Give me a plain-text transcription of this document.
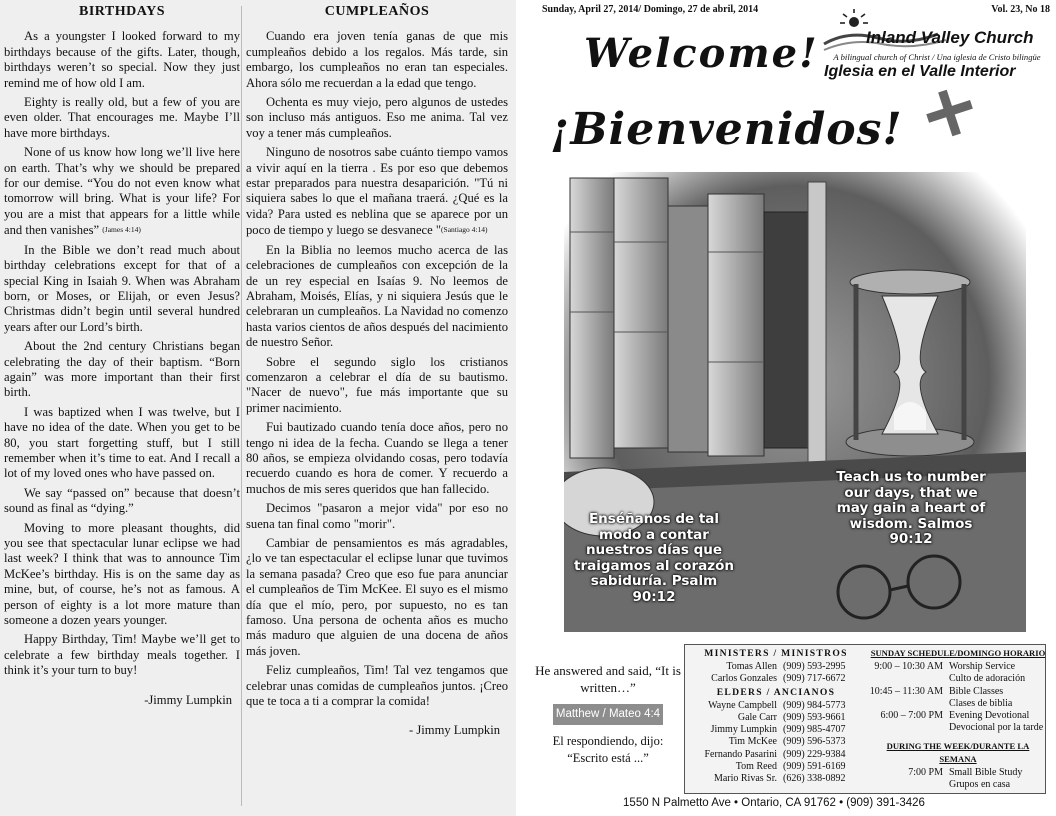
BIRTHDAYS

As a youngster I looked forward to my birthdays because of the gifts. Later, though, birthdays weren’t so special. Now they just remind me of how old I am.

Eighty is really old, but a few of you are even older. That encourages me. Maybe I’ll have more birthdays.

None of us know how long we’ll live here on earth. That’s why we should be prepared for our demise. “You do not even know what tomorrow will bring. What is your life? For you are a mist that appears for a little while and then vanishes” (James 4:14)

In the Bible we don’t read much about birthday celebrations except for that of a special King in Isaiah 9. When was Abraham born, or Moses, or Elijah, or even Jesus? Christmas didn’t begin until several hundred years after our Lord’s birth.

About the 2nd century Christians began celebrating the day of their baptism. “Born again” was more important than their first birth.

I was baptized when I was twelve, but I have no idea of the date. When you get to be 80, you start forgetting stuff, but I still remember when it’s time to eat. And I recall a lot of my loved ones who have passed on.

We say “passed on” because that doesn’t sound as final as “dying.”

Moving to more pleasant thoughts, did you see that spectacular lunar eclipse we had last week? I think that was to announce Tim McKee’s birthday. His is on the same day as mine, but, of course, he’s not as famous. A person of eighty is a lot more mature than someone a dozen years younger.

Happy Birthday, Tim! Maybe we’ll get to celebrate a few birthday meals together. I think it’s your turn to buy!

-Jimmy Lumpkin

CUMPLEAÑOS

Cuando era joven tenía ganas de que mis cumpleaños debido a los regalos. Más tarde, sin embargo, los cumpleaños no eran tan especiales. Ahora sólo me recuerdan a la edad que tengo.

Ochenta es muy viejo, pero algunos de ustedes son incluso más antiguos. Eso me anima. Tal vez voy a tener más cumpleaños.

Ninguno de nosotros sabe cuánto tiempo vamos a vivir aquí en la tierra . Es por eso que debemos estar preparados para nuestra desaparición. "Tú ni siquiera sabes lo que el mañana traerá. ¿Qué es la vida? Para usted es neblina que se aparece por un poco de tiempo y luego se desvanece "(Santiago 4:14)

En la Biblia no leemos mucho acerca de las celebraciones de cumpleaños con excepción de la de un rey especial en Isaías 9. No leemos de Abraham, Moisés, Elías, y ni siquiera Jesús que le celebraran un cumpleaños. La Navidad no comenzo hasta varios cientos de años después del nacimiento de nuestro Señor.

Sobre el segundo siglo los cristianos comenzaron a celebrar el día de su bautismo. "Nacer de nuevo", fue más importante que su primer nacimiento.

Fui bautizado cuando tenía doce años, pero no tengo ni idea de la fecha. Cuando se llega a tener 80 años, se empieza olvidando cosas, pero todavía recuerdo cuando es hora de comer. Y recuerdo a muchos de mis seres queridos que han fallecido.

Decimos "pasaron a mejor vida" por eso no suena tan final como "morir".

Cambiar de pensamientos es más agradables, ¿lo ve tan espectacular el eclipse lunar que tuvimos la semana pasada? Creo que eso fue para anunciar el cumpleaños de Tim McKee. El suyo es el mismo día que el mío, pero, por supuesto, no es tan famoso. Una persona de ochenta años es mucho más maduro que alguien de una docena de años más joven.

Feliz cumpleaños, Tim! Tal vez tengamos que celebrar unas comidas de cumpleaños juntos. ¡Creo que te toca a ti a comprar la comida!

- Jimmy Lumpkin

Sunday, April 27, 2014/ Domingo, 27 de abril, 2014	Vol. 23, No 18
Welcome!
¡Bienvenidos!
Inland Valley Church
A bilingual church of Christ / Una iglesia de Cristo bilingüe
Iglesia en el Valle Interior
Enséñanos de tal modo a contar nuestros días que traigamos al corazón sabiduría. Psalm 90:12
Teach us to number our days, that we may gain a heart of wisdom. Salmos 90:12
He answered and said, “It is written…”
Matthew / Mateo 4:4
El respondiendo, dijo: “Escrito está ...”
MINISTERS / MINISTROS
Tomas Allen (909) 593-2995
Carlos Gonzales (909) 717-6672
ELDERS / ANCIANOS
Wayne Campbell (909) 984-5773
Gale Carr (909) 593-9661
Jimmy Lumpkin (909) 985-4707
Tim McKee (909) 596-5373
Fernando Pasarini (909) 229-9384
Tom Reed (909) 591-6169
Mario Rivas Sr. (626) 338-0892
SUNDAY SCHEDULE/DOMINGO HORARIO
9:00 – 10:30 AM Worship Service
Culto de adoración
10:45 – 11:30 AM Bible Classes
Clases de biblia
6:00 – 7:00 PM Evening Devotional
Devocional por la tarde
DURING THE WEEK/DURANTE LA SEMANA
7:00 PM Small Bible Study
Grupos en casa
1550 N Palmetto Ave • Ontario, CA 91762 • (909) 391-3426
